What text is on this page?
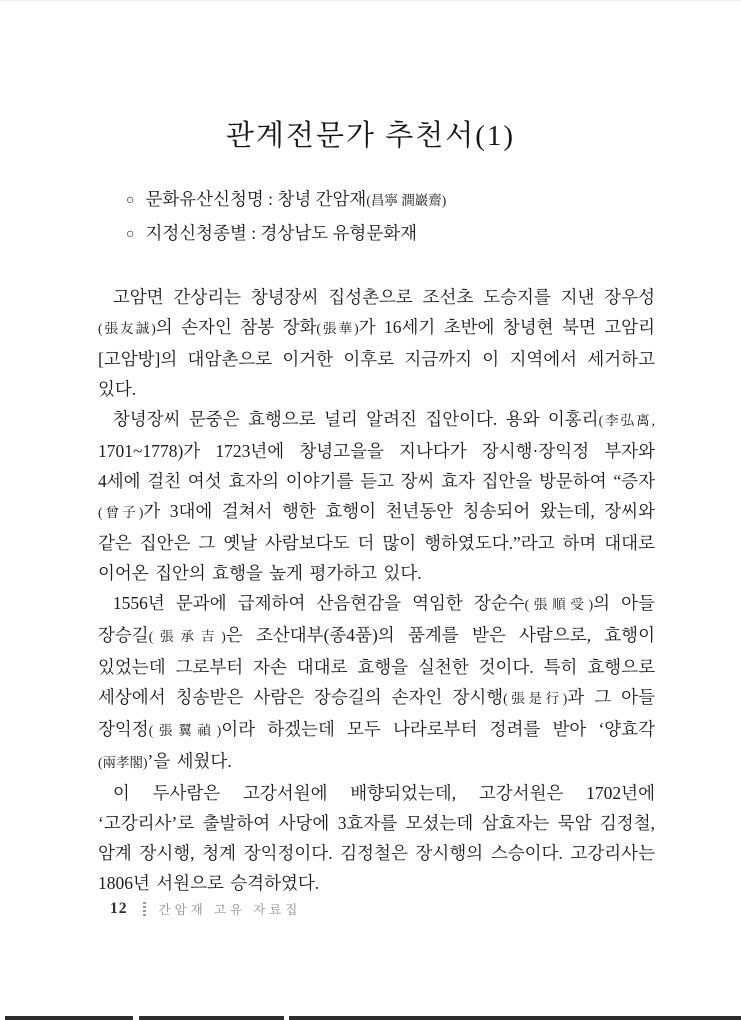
관계전문가 추천서(1)
○ 문화유산신청명 : 창녕 간암재(昌寧 澗巖齋)
○ 지정신청종별 : 경상남도 유형문화재

고암면 간상리는 창녕장씨 집성촌으로 조선초 도승지를 지낸 장우성(張友誠)의 손자인 참봉 장화(張華)가 16세기 초반에 창녕현 북면 고암리[고암방]의 대암촌으로 이거한 이후로 지금까지 이 지역에서 세거하고 있다.

창녕장씨 문중은 효행으로 널리 알려진 집안이다. 용와 이홍리(李弘离, 1701~1778)가 1723년에 창녕고을을 지나다가 장시행·장익정 부자와 4세에 걸친 여섯 효자의 이야기를 듣고 장씨 효자 집안을 방문하여 “증자(曾子)가 3대에 걸쳐서 행한 효행이 천년동안 칭송되어 왔는데, 장씨와 같은 집안은 그 옛날 사람보다도 더 많이 행하였도다.”라고 하며 대대로 이어온 집안의 효행을 높게 평가하고 있다.

1556년 문과에 급제하여 산음현감을 역임한 장순수(張順受)의 아들 장승길(張承吉)은 조산대부(종4품)의 품계를 받은 사람으로, 효행이 있었는데 그로부터 자손 대대로 효행을 실천한 것이다. 특히 효행으로 세상에서 칭송받은 사람은 장승길의 손자인 장시행(張是行)과 그 아들 장익정(張翼禎)이라 하겠는데 모두 나라로부터 정려를 받아 ‘양효각(兩孝閣)’을 세웠다.

이 두사람은 고강서원에 배향되었는데, 고강서원은 1702년에 ‘고강리사’로 출발하여 사당에 3효자를 모셨는데 삼효자는 묵암 김정철, 암계 장시행, 청계 장익정이다. 김정철은 장시행의 스승이다. 고강리사는 1806년 서원으로 승격하였다.

12 간암재 고유 자료집
